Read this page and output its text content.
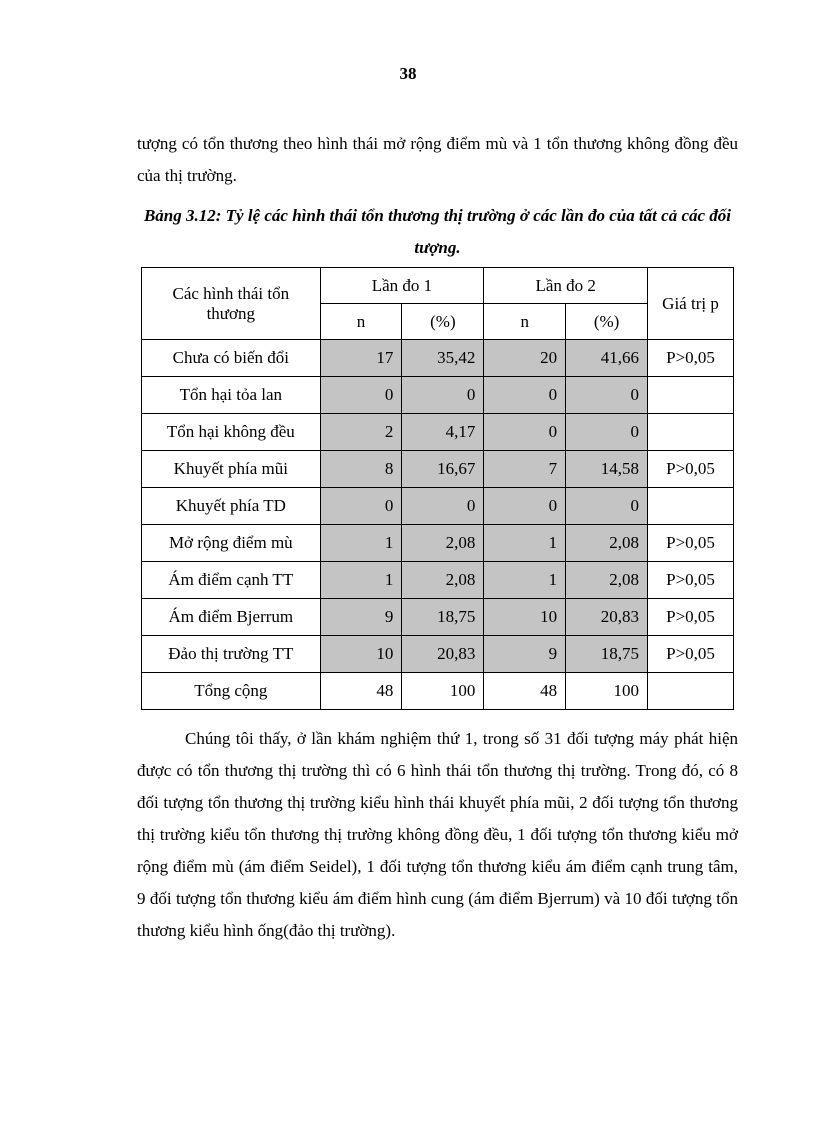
38

tượng có tổn thương theo hình thái mở rộng điểm mù và 1 tổn thương không đồng đều của thị trường.

Bảng 3.12: Tỷ lệ các hình thái tổn thương thị trường ở các lần đo của tất cả các đối tượng.
Các hình thái tổn thương	Lần đo 1		Lần đo 2		Giá trị p
	n	(%)	n	(%)	
Chưa có biến đổi	17	35,42	20	41,66	P>0,05
Tổn hại tỏa lan	0	0	0	0	
Tổn hại không đều	2	4,17	0	0	
Khuyết phía mũi	8	16,67	7	14,58	P>0,05
Khuyết phía TD	0	0	0	0	
Mở rộng điểm mù	1	2,08	1	2,08	P>0,05
Ám điểm cạnh TT	1	2,08	1	2,08	P>0,05
Ám điểm Bjerrum	9	18,75	10	20,83	P>0,05
Đảo thị trường TT	10	20,83	9	18,75	P>0,05
Tổng cộng	48	100	48	100	

Chúng tôi thấy, ở lần khám nghiệm thứ 1, trong số 31 đối tượng máy phát hiện được có tổn thương thị trường thì có 6 hình thái tổn thương thị trường. Trong đó, có 8 đối tượng tổn thương thị trường kiểu hình thái khuyết phía mũi, 2 đối tượng tổn thương thị trường kiểu tổn thương thị trường không đồng đều, 1 đối tượng tổn thương kiểu mở rộng điểm mù (ám điểm Seidel), 1 đối tượng tổn thương kiểu ám điểm cạnh trung tâm, 9 đối tượng tổn thương kiểu ám điểm hình cung (ám điểm Bjerrum) và 10 đối tượng tổn thương kiểu hình ống(đảo thị trường).
